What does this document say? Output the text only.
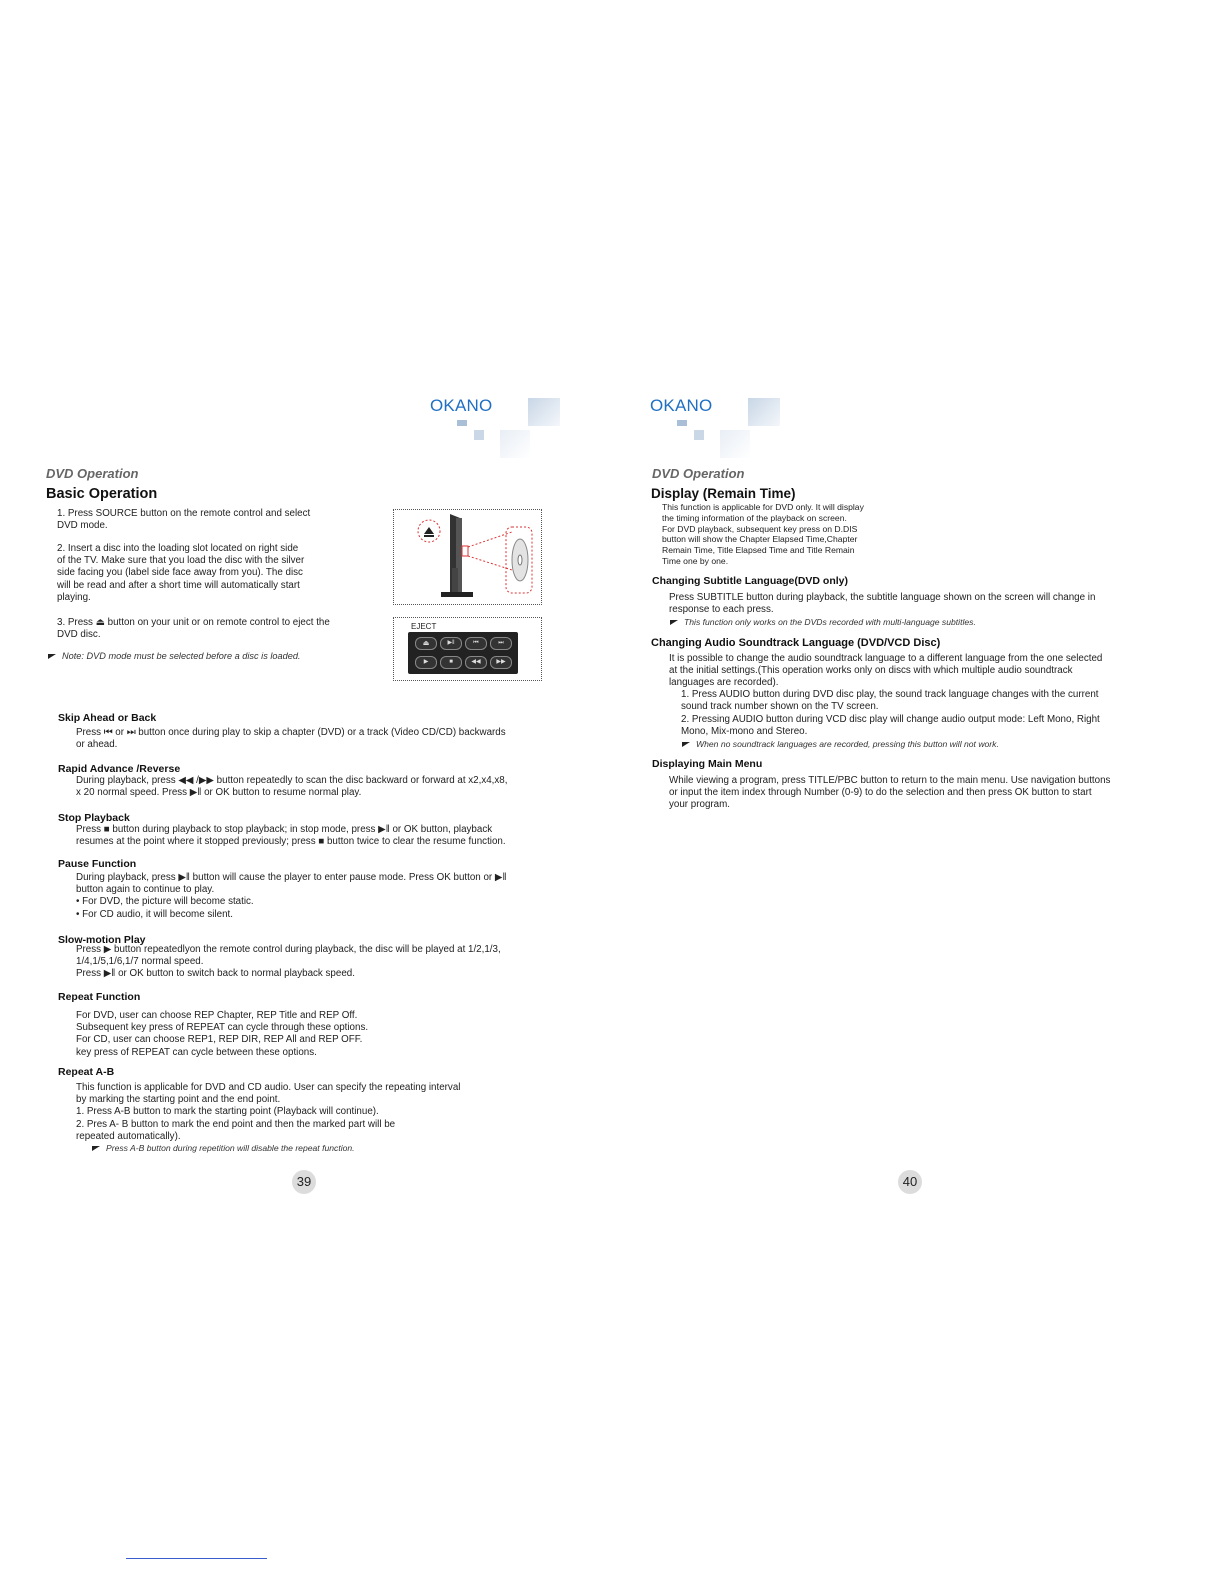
OKANO
DVD Operation
Basic Operation
1. Press SOURCE button on the remote control and select
DVD mode.
2. Insert a disc into the loading slot located on right side
of the TV. Make sure that you load the disc with the silver
side facing you (label side face away from you). The disc
will be read and after a short time will automatically start
playing.
3. Press ⏏ button on your unit or on remote control to eject the
DVD disc.
Note: DVD mode must be selected before a disc is loaded.
EJECT
⏏	▶‖	⏮	⏭
▶	■	◀◀	▶▶
Skip Ahead or Back
Press ⏮ or ⏭ button once during play to skip a chapter (DVD) or a track (Video CD/CD) backwards
or ahead.
Rapid Advance /Reverse
During playback, press ◀◀ /▶▶ button repeatedly to scan the disc backward or forward at x2,x4,x8,
x 20 normal speed. Press ▶‖ or OK button to resume normal play.
Stop Playback
Press ■ button during playback to stop playback; in stop mode, press ▶‖ or OK button, playback
resumes at the point where it stopped previously; press ■ button twice to clear the resume function.
Pause Function
During playback, press ▶‖ button will cause the player to enter pause mode. Press OK button or ▶‖
button again to continue to play.
• For DVD, the picture will become static.
• For CD audio, it will become silent.
Slow-motion Play
Press ▶ button repeatedlyon the remote control during playback, the disc will be played at 1/2,1/3,
1/4,1/5,1/6,1/7 normal speed.
Press ▶‖ or OK button to switch back to normal playback speed.
Repeat Function
For DVD, user can choose REP Chapter, REP Title and REP Off.
Subsequent key press of REPEAT can cycle through these options.
For CD, user can choose REP1, REP DIR, REP All and REP OFF.
key press of REPEAT can cycle between these options.
Repeat A-B
This function is applicable for DVD and CD audio. User can specify the repeating interval
by marking the starting point and the end point.
1. Press A-B button to mark the starting point (Playback will continue).
2. Pres A- B button to mark the end point and then the marked part will be
repeated automatically).
Press A-B button during repetition will disable the repeat function.
39
OKANO
DVD Operation
Display (Remain Time)
This function is applicable for DVD only. It will display
the timing information of the playback on screen.
For DVD playback, subsequent key press on D.DIS
button will show the Chapter Elapsed Time,Chapter
Remain Time, Title Elapsed Time and Title Remain
Time one by one.
Changing Subtitle Language(DVD only)
Press SUBTITLE button during playback, the subtitle language shown on the screen will change in
response to each press.
This function only works on the DVDs recorded with multi-language subtitles.
Changing Audio Soundtrack Language (DVD/VCD Disc)
It is possible to change the audio soundtrack language to a different language from the one selected
at the initial settings.(This operation works only on discs with which multiple audio soundtrack
languages are recorded).
1. Press AUDIO button during DVD disc play, the sound track language changes with the current
sound track number shown on the TV screen.
2. Pressing AUDIO button during VCD disc play will change audio output mode: Left Mono, Right
Mono, Mix-mono and Stereo.
When no soundtrack languages are recorded, pressing this button will not work.
Displaying Main Menu
While viewing a program, press TITLE/PBC button to return to the main menu. Use navigation buttons
or input the item index through Number (0-9) to do the selection and then press OK button to start
your program.
40
